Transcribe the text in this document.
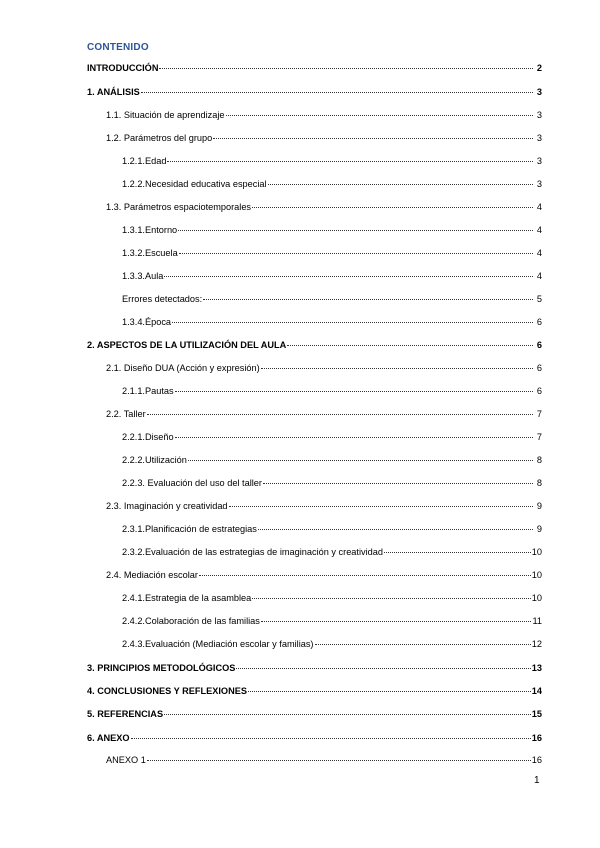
CONTENIDO
INTRODUCCIÓN	2
1. ANÁLISIS	3
1.1. Situación de aprendizaje	3
1.2. Parámetros del grupo	3
1.2.1.Edad	3
1.2.2.Necesidad educativa especial	3
1.3. Parámetros espaciotemporales	4
1.3.1.Entorno	4
1.3.2.Escuela	4
1.3.3.Aula	4
Errores detectados:	5
1.3.4.Época	6
2. ASPECTOS DE LA UTILIZACIÓN DEL AULA	6
2.1. Diseño DUA (Acción y expresión)	6
2.1.1.Pautas	6
2.2. Taller	7
2.2.1.Diseño	7
2.2.2.Utilización	8
2.2.3. Evaluación del uso del taller	8
2.3. Imaginación y creatividad	9
2.3.1.Planificación de estrategias	9
2.3.2.Evaluación de las estrategias de imaginación y creatividad	10
2.4. Mediación escolar	10
2.4.1.Estrategia de la asamblea	10
2.4.2.Colaboración de las familias	11
2.4.3.Evaluación (Mediación escolar y familias)	12
3. PRINCIPIOS METODOLÓGICOS	13
4. CONCLUSIONES Y REFLEXIONES	14
5. REFERENCIAS	15
6. ANEXO	16
ANEXO 1	16
1
